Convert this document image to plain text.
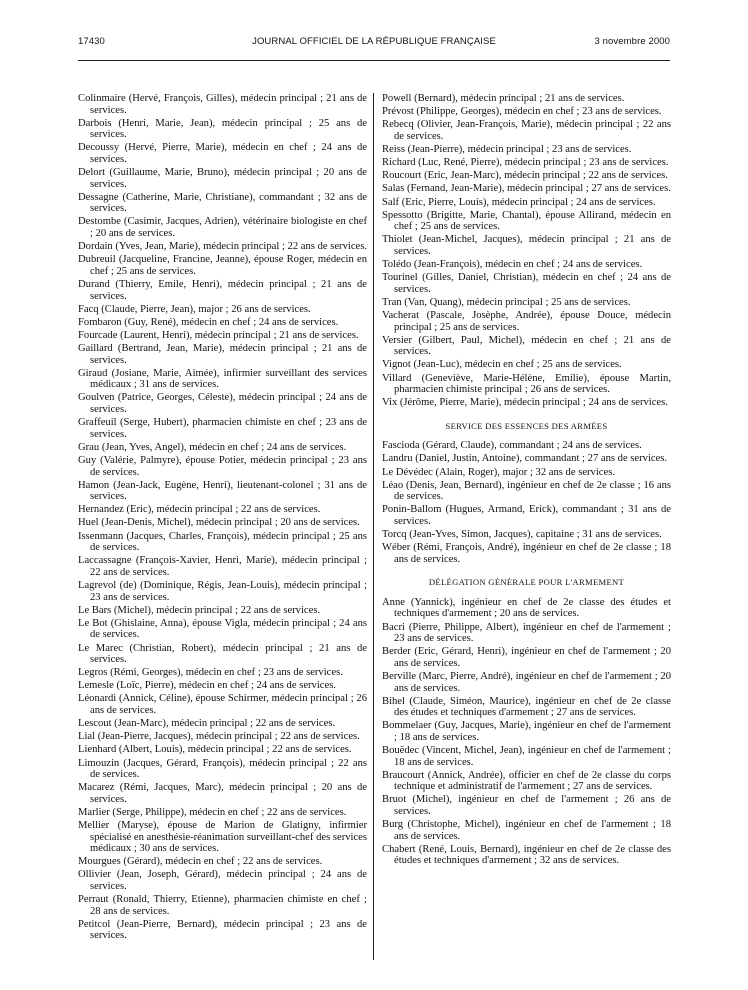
17430	JOURNAL OFFICIEL DE LA RÉPUBLIQUE FRANÇAISE	3 novembre 2000

Colinmaire (Hervé, François, Gilles), médecin principal ; 21 ans de services.

Darbois (Henri, Marie, Jean), médecin principal ; 25 ans de services.

Decoussy (Hervé, Pierre, Marie), médecin en chef ; 24 ans de services.

Delort (Guillaume, Marie, Bruno), médecin principal ; 20 ans de services.

Dessagne (Catherine, Marie, Christiane), commandant ; 32 ans de services.

Destombe (Casimir, Jacques, Adrien), vétérinaire biologiste en chef ; 20 ans de services.

Dordain (Yves, Jean, Marie), médecin principal ; 22 ans de services.

Dubreuil (Jacqueline, Francine, Jeanne), épouse Roger, médecin en chef ; 25 ans de services.

Durand (Thierry, Emile, Henri), médecin principal ; 21 ans de services.

Facq (Claude, Pierre, Jean), major ; 26 ans de services.

Fombaron (Guy, René), médecin en chef ; 24 ans de services.

Fourcade (Laurent, Henri), médecin principal ; 21 ans de services.

Gaillard (Bertrand, Jean, Marie), médecin principal ; 21 ans de services.

Giraud (Josiane, Marie, Aimée), infirmier surveillant des services médicaux ; 31 ans de services.

Goulven (Patrice, Georges, Céleste), médecin principal ; 24 ans de services.

Graffeuil (Serge, Hubert), pharmacien chimiste en chef ; 23 ans de services.

Grau (Jean, Yves, Angel), médecin en chef ; 24 ans de services.

Guy (Valérie, Palmyre), épouse Potier, médecin principal ; 23 ans de services.

Hamon (Jean-Jack, Eugène, Henri), lieutenant-colonel ; 31 ans de services.

Hernandez (Eric), médecin principal ; 22 ans de services.

Huel (Jean-Denis, Michel), médecin principal ; 20 ans de services.

Issenmann (Jacques, Charles, François), médecin principal ; 25 ans de services.

Laccassagne (François-Xavier, Henri, Marie), médecin principal ; 22 ans de services.

Lagrevol (de) (Dominique, Régis, Jean-Louis), médecin principal ; 23 ans de services.

Le Bars (Michel), médecin principal ; 22 ans de services.

Le Bot (Ghislaine, Anna), épouse Vigla, médecin principal ; 24 ans de services.

Le Marec (Christian, Robert), médecin principal ; 21 ans de services.

Legros (Rémi, Georges), médecin en chef ; 23 ans de services.

Lemesle (Loïc, Pierre), médecin en chef ; 24 ans de services.

Léonardi (Annick, Céline), épouse Schirmer, médecin principal ; 26 ans de services.

Lescout (Jean-Marc), médecin principal ; 22 ans de services.

Lial (Jean-Pierre, Jacques), médecin principal ; 22 ans de services.

Lienhard (Albert, Louis), médecin principal ; 22 ans de services.

Limouzin (Jacques, Gérard, François), médecin principal ; 22 ans de services.

Macarez (Rémi, Jacques, Marc), médecin principal ; 20 ans de services.

Marlier (Serge, Philippe), médecin en chef ; 22 ans de services.

Mellier (Maryse), épouse de Marion de Glatigny, infirmier spécialisé en anesthésie-réanimation surveillant-chef des services médicaux ; 30 ans de services.

Mourgues (Gérard), médecin en chef ; 22 ans de services.

Ollivier (Jean, Joseph, Gérard), médecin principal ; 24 ans de services.

Perraut (Ronald, Thierry, Etienne), pharmacien chimiste en chef ; 28 ans de services.

Petitcol (Jean-Pierre, Bernard), médecin principal ; 23 ans de services.

Powell (Bernard), médecin principal ; 21 ans de services.

Prévost (Philippe, Georges), médecin en chef ; 23 ans de services.

Rebecq (Olivier, Jean-François, Marie), médecin principal ; 22 ans de services.

Reiss (Jean-Pierre), médecin principal ; 23 ans de services.

Richard (Luc, René, Pierre), médecin principal ; 23 ans de services.

Roucourt (Eric, Jean-Marc), médecin principal ; 22 ans de services.

Salas (Fernand, Jean-Marie), médecin principal ; 27 ans de services.

Salf (Eric, Pierre, Louis), médecin principal ; 24 ans de services.

Spessotto (Brigitte, Marie, Chantal), épouse Allirand, médecin en chef ; 25 ans de services.

Thiolet (Jean-Michel, Jacques), médecin principal ; 21 ans de services.

Tolédo (Jean-François), médecin en chef ; 24 ans de services.

Tourinel (Gilles, Daniel, Christian), médecin en chef ; 24 ans de services.

Tran (Van, Quang), médecin principal ; 25 ans de services.

Vacherat (Pascale, Josèphe, Andrée), épouse Douce, médecin principal ; 25 ans de services.

Versier (Gilbert, Paul, Michel), médecin en chef ; 21 ans de services.

Vignot (Jean-Luc), médecin en chef ; 25 ans de services.

Villard (Geneviève, Marie-Hélène, Emilie), épouse Martin, pharmacien chimiste principal ; 26 ans de services.

Vix (Jérôme, Pierre, Marie), médecin principal ; 24 ans de services.

SERVICE DES ESSENCES DES ARMÉES

Fascioda (Gérard, Claude), commandant ; 24 ans de services.

Landru (Daniel, Justin, Antoine), commandant ; 27 ans de services.

Le Dévédec (Alain, Roger), major ; 32 ans de services.

Léao (Denis, Jean, Bernard), ingénieur en chef de 2e classe ; 16 ans de services.

Ponin-Ballom (Hugues, Armand, Erick), commandant ; 31 ans de services.

Torcq (Jean-Yves, Simon, Jacques), capitaine ; 31 ans de services.

Wéber (Rémi, François, André), ingénieur en chef de 2e classe ; 18 ans de services.

DÉLÉGATION GÉNÉRALE POUR L'ARMEMENT

Anne (Yannick), ingénieur en chef de 2e classe des études et techniques d'armement ; 20 ans de services.

Bacri (Pierre, Philippe, Albert), ingénieur en chef de l'armement ; 23 ans de services.

Berder (Eric, Gérard, Henri), ingénieur en chef de l'armement ; 20 ans de services.

Berville (Marc, Pierre, André), ingénieur en chef de l'armement ; 20 ans de services.

Bihel (Claude, Siméon, Maurice), ingénieur en chef de 2e classe des études et techniques d'armement ; 27 ans de services.

Bommelaer (Guy, Jacques, Marie), ingénieur en chef de l'armement ; 18 ans de services.

Bouëdec (Vincent, Michel, Jean), ingénieur en chef de l'armement ; 18 ans de services.

Braucourt (Annick, Andrée), officier en chef de 2e classe du corps technique et administratif de l'armement ; 27 ans de services.

Bruot (Michel), ingénieur en chef de l'armement ; 26 ans de services.

Burg (Christophe, Michel), ingénieur en chef de l'armement ; 18 ans de services.

Chabert (René, Louis, Bernard), ingénieur en chef de 2e classe des études et techniques d'armement ; 32 ans de services.
